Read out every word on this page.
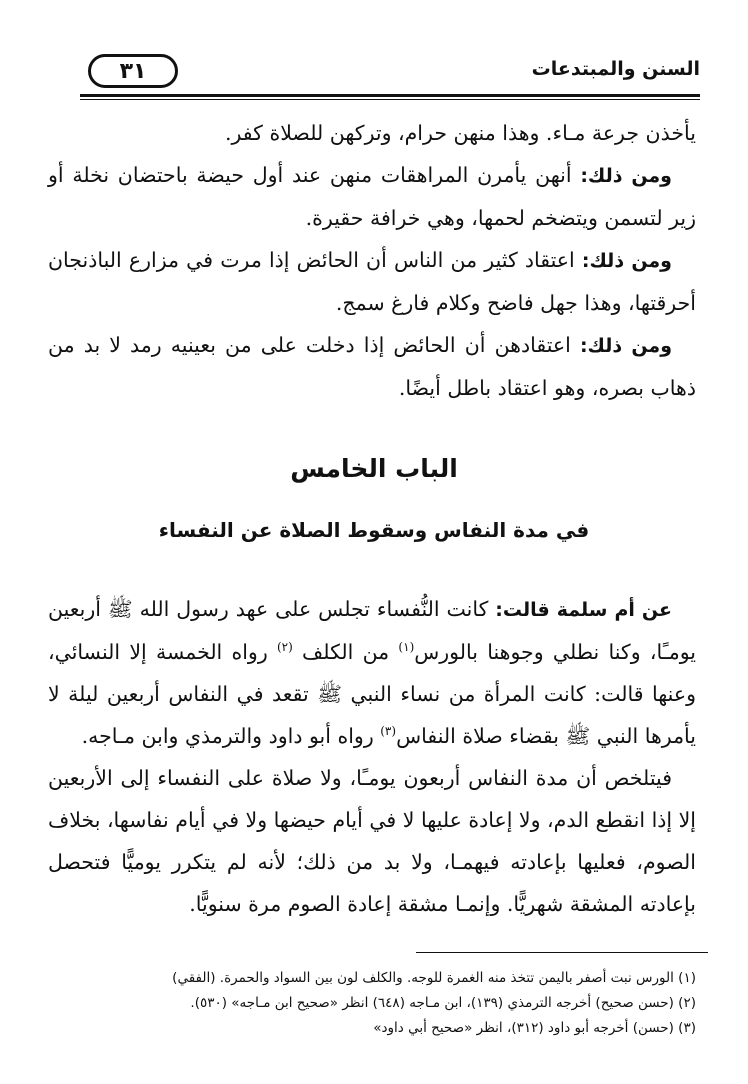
السنن والمبتدعات
٣١

يأخذن جرعة مـاء. وهذا منهن حرام، وتركهن للصلاة كفر.

ومن ذلك: أنهن يأمرن المراهقات منهن عند أول حيضة باحتضان نخلة أو زير لتسمن ويتضخم لحمها، وهي خرافة حقيرة.

ومن ذلك: اعتقاد كثير من الناس أن الحائض إذا مرت في مزارع الباذنجان أحرقتها، وهذا جهل فاضح وكلام فارغ سمج.

ومن ذلك: اعتقادهن أن الحائض إذا دخلت على من بعينيه رمد لا بد من ذهاب بصره، وهو اعتقاد باطل أيضًا.

الباب الخامس
في مدة النفاس وسقوط الصلاة عن النفساء

عن أم سلمة قالت: كانت النُّفساء تجلس على عهد رسول الله ﷺ أربعين يومـًا، وكنا نطلي وجوهنا بالورس$^{(١)}$ من الكلف $^{(٢)}$ رواه الخمسة إلا النسائي، وعنها قالت: كانت المرأة من نساء النبي ﷺ تقعد في النفاس أربعين ليلة لا يأمرها النبي ﷺ بقضاء صلاة النفاس$^{(٣)}$ رواه أبو داود والترمذي وابن مـاجه.

فيتلخص أن مدة النفاس أربعون يومـًا، ولا صلاة على النفساء إلى الأربعين إلا إذا انقطع الدم، ولا إعادة عليها لا في أيام حيضها ولا في أيام نفاسها، بخلاف الصوم، فعليها بإعادته فيهمـا، ولا بد من ذلك؛ لأنه لم يتكرر يوميًّا فتحصل بإعادته المشقة شهريًّا. وإنمـا مشقة إعادة الصوم مرة سنويًّا.

(١) الورس نبت أصفر باليمن تتخذ منه الغمرة للوجه. والكلف لون بين السواد والحمرة. (الفقي)

(٢) (حسن صحيح) أخرجه الترمذي (١٣٩)، ابن مـاجه (٦٤٨) انظر «صحيح ابن مـاجه» (٥٣٠).

(٣) (حسن) أخرجه أبو داود (٣١٢)، انظر «صحيح أبي داود»
